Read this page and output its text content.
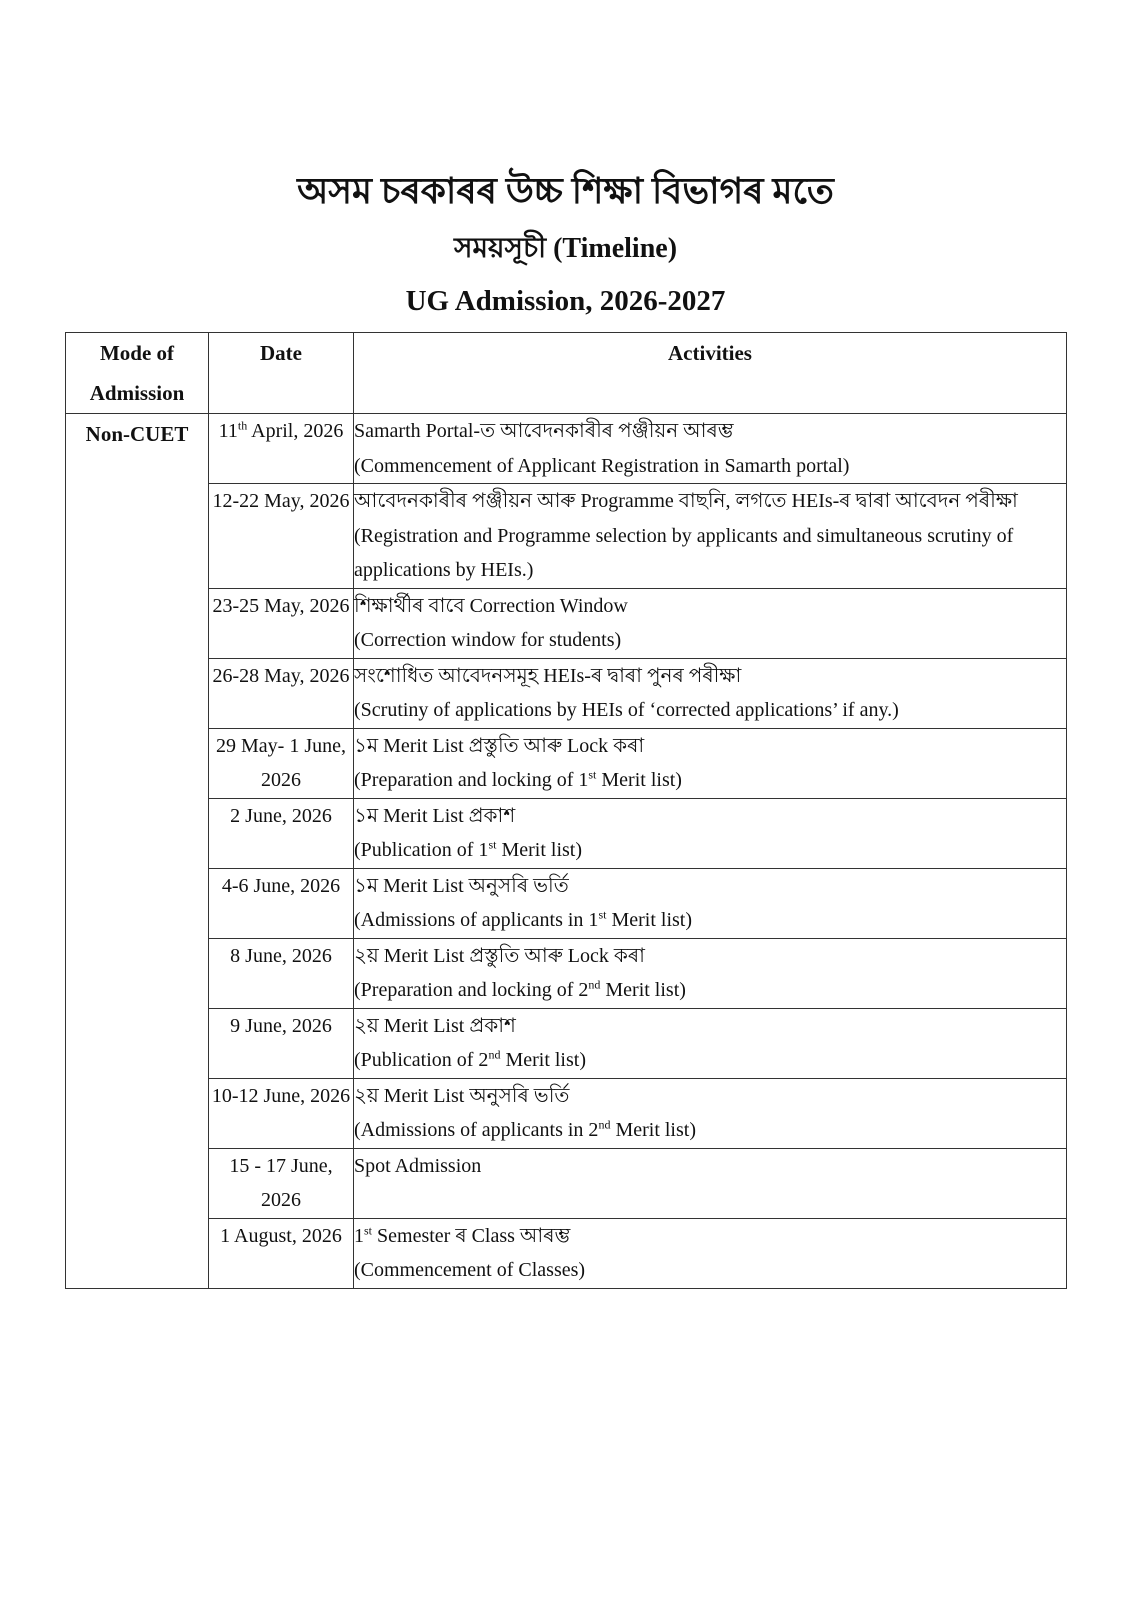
অসম চৰকাৰৰ উচ্চ শিক্ষা বিভাগৰ মতে
সময়সূচী (Timeline)
UG Admission, 2026-2027
Mode of Admission	Date	Activities
Non-CUET	11th April, 2026	Samarth Portal-ত আবেদনকাৰীৰ পঞ্জীয়ন আৰম্ভ
(Commencement of Applicant Registration in Samarth portal)

	12-22 May, 2026	আবেদনকাৰীৰ পঞ্জীয়ন আৰু Programme বাছনি, লগতে HEIs-ৰ দ্বাৰা আবেদন পৰীক্ষা
(Registration and Programme selection by applicants and simultaneous scrutiny of applications by HEIs.)

	23-25 May, 2026	শিক্ষাৰ্থীৰ বাবে Correction Window
(Correction window for students)

	26-28 May, 2026	সংশোধিত আবেদনসমূহ HEIs-ৰ দ্বাৰা পুনৰ পৰীক্ষা
(Scrutiny of applications by HEIs of ‘corrected applications’ if any.)

	29 May- 1 June, 2026	১ম Merit List প্ৰস্তুতি আৰু Lock কৰা
(Preparation and locking of 1st Merit list)

	2 June, 2026	১ম Merit List প্ৰকাশ
(Publication of 1st Merit list)

	4-6 June, 2026	১ম Merit List অনুসৰি ভৰ্তি
(Admissions of applicants in 1st Merit list)

	8 June, 2026	২য় Merit List প্ৰস্তুতি আৰু Lock কৰা
(Preparation and locking of 2nd Merit list)

	9 June, 2026	২য় Merit List প্ৰকাশ
(Publication of 2nd Merit list)

	10-12 June, 2026	২য় Merit List অনুসৰি ভৰ্তি
(Admissions of applicants in 2nd Merit list)

	15 - 17 June, 2026	Spot Admission

	1 August, 2026	1st Semester ৰ Class আৰম্ভ
(Commencement of Classes)
